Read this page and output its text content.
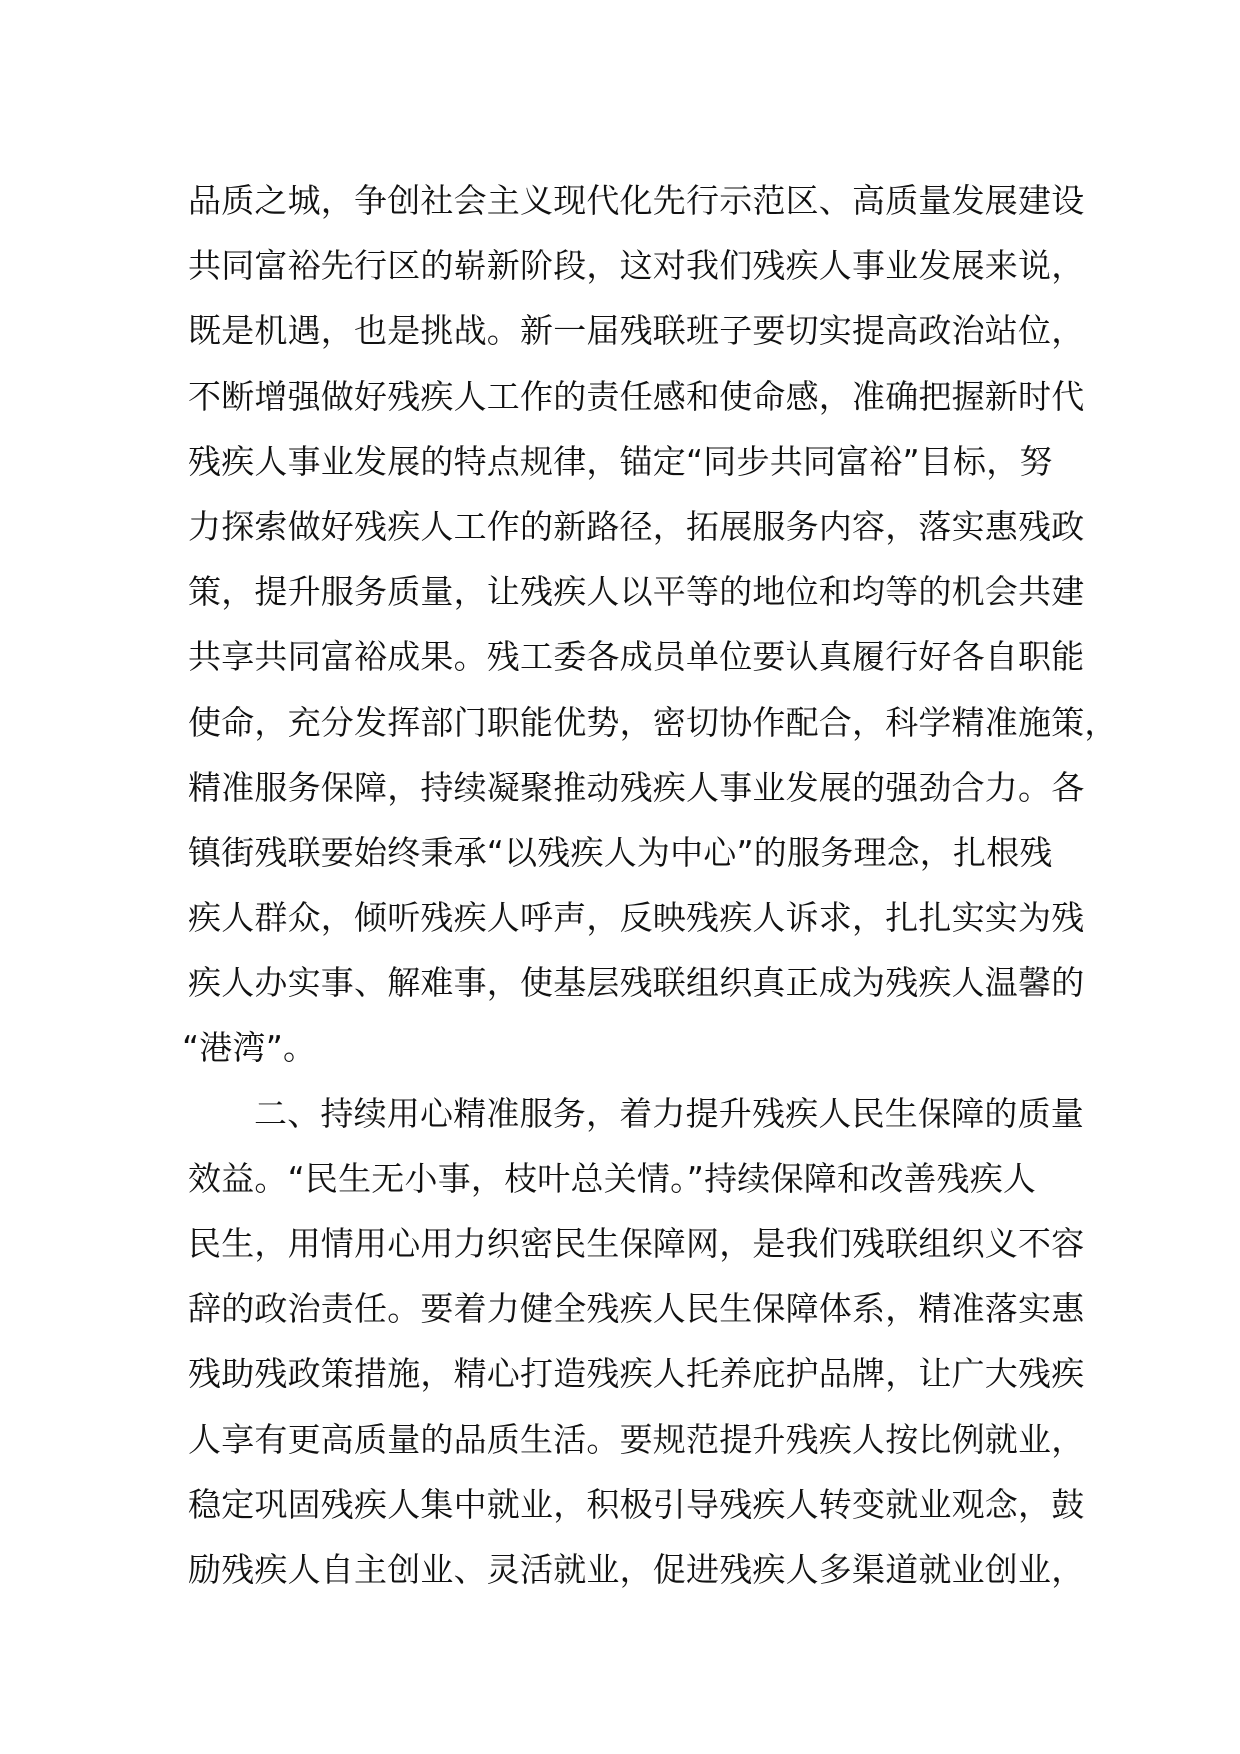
品质之城，争创社会主义现代化先行示范区、高质量发展建设
共同富裕先行区的崭新阶段，这对我们残疾人事业发展来说，
既是机遇，也是挑战。新一届残联班子要切实提高政治站位，
不断增强做好残疾人工作的责任感和使命感，准确把握新时代
残疾人事业发展的特点规律，锚定“同步共同富裕”目标，努
力探索做好残疾人工作的新路径，拓展服务内容，落实惠残政
策，提升服务质量，让残疾人以平等的地位和均等的机会共建
共享共同富裕成果。残工委各成员单位要认真履行好各自职能
使命，充分发挥部门职能优势，密切协作配合，科学精准施策，
精准服务保障，持续凝聚推动残疾人事业发展的强劲合力。各
镇街残联要始终秉承“以残疾人为中心”的服务理念，扎根残
疾人群众，倾听残疾人呼声，反映残疾人诉求，扎扎实实为残
疾人办实事、解难事，使基层残联组织真正成为残疾人温馨的
“港湾”。
二、持续用心精准服务，着力提升残疾人民生保障的质量
效益。“民生无小事，枝叶总关情。”持续保障和改善残疾人
民生，用情用心用力织密民生保障网，是我们残联组织义不容
辞的政治责任。要着力健全残疾人民生保障体系，精准落实惠
残助残政策措施，精心打造残疾人托养庇护品牌，让广大残疾
人享有更高质量的品质生活。要规范提升残疾人按比例就业，
稳定巩固残疾人集中就业，积极引导残疾人转变就业观念，鼓
励残疾人自主创业、灵活就业，促进残疾人多渠道就业创业，
